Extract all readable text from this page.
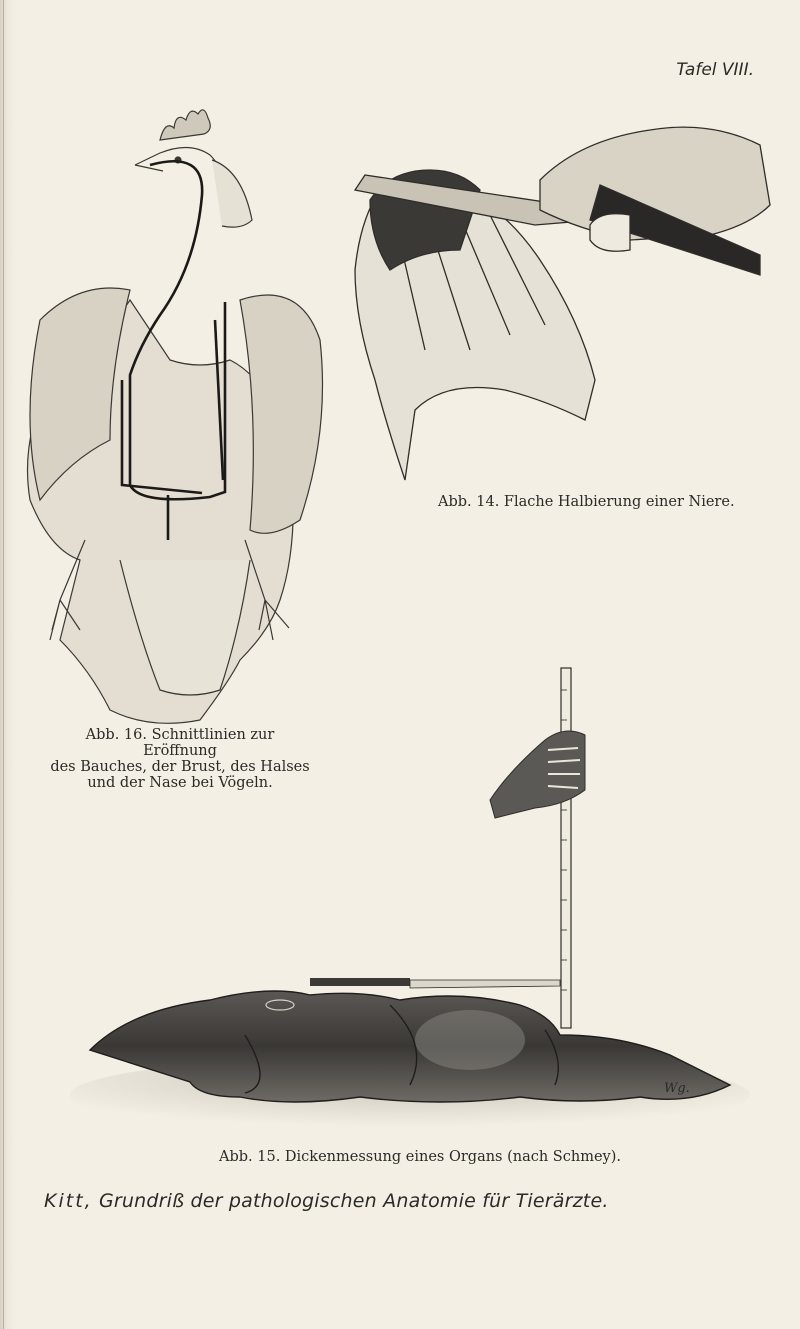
Tafel VIII.
Abb. 14. Flache Halbierung einer Niere.
Abb. 16. Schnittlinien zur Eröffnung
des Bauches, der Brust, des Halses
und der Nase bei Vögeln.
Wg.
Abb. 15. Dickenmessung eines Organs (nach Schmey).
Kitt, Grundriß der pathologischen Anatomie für Tierärzte.
